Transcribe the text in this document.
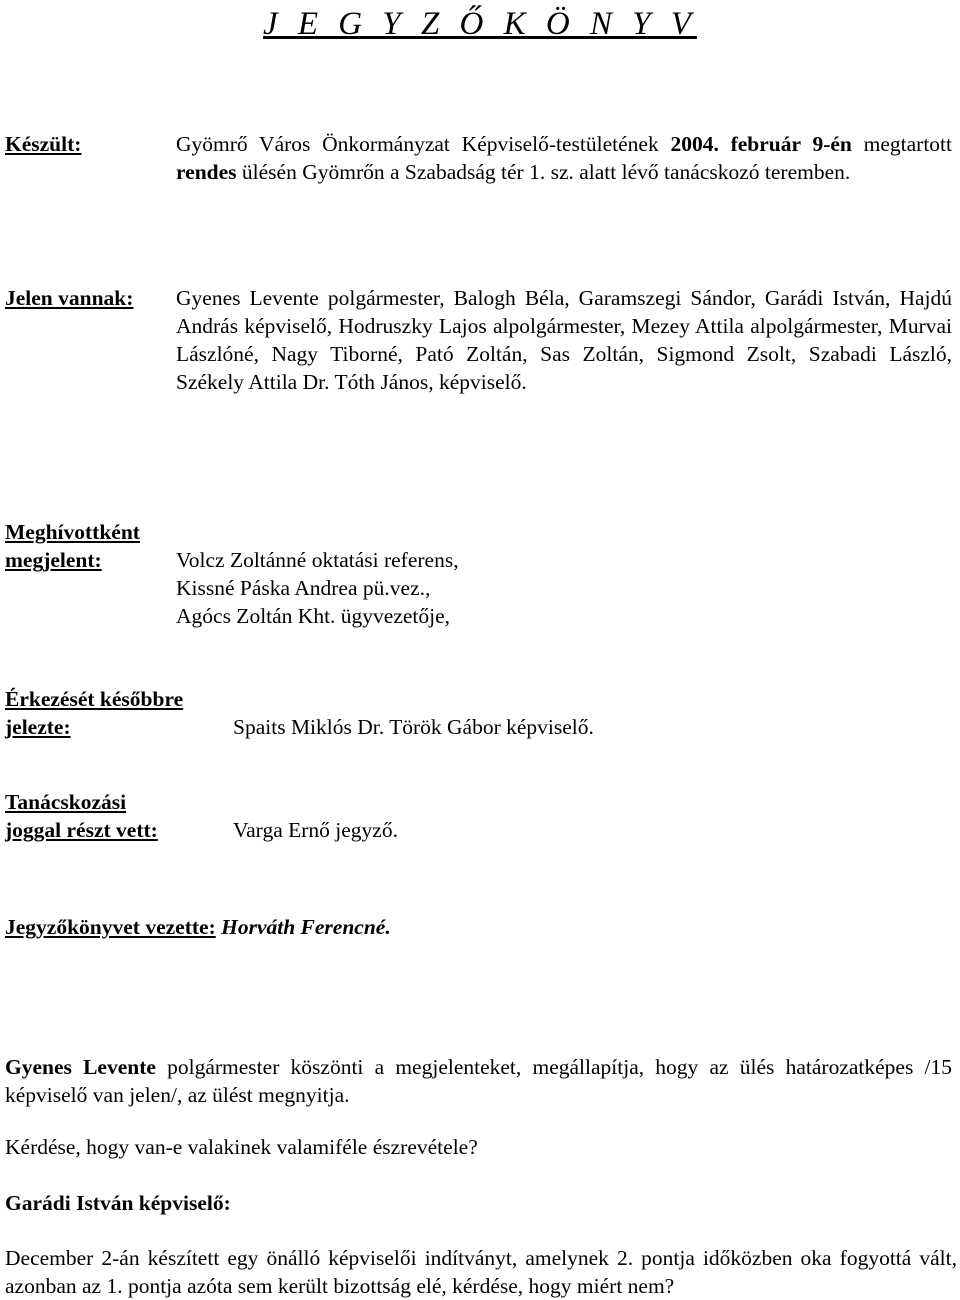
J E G Y Z Ő K Ö N Y V
Készült:	Gyömrő Város Önkormányzat Képviselő-testületének 2004. február 9-én megtartott rendes ülésén Gyömrőn a Szabadság tér 1. sz. alatt lévő tanácskozó teremben.
Jelen vannak: Gyenes Levente polgármester, Balogh Béla, Garamszegi Sándor, Garádi István, Hajdú András képviselő, Hodruszky Lajos alpolgármester, Mezey Attila alpolgármester, Murvai Lászlóné, Nagy Tiborné, Pató Zoltán, Sas Zoltán, Sigmond Zsolt, Szabadi László, Székely Attila Dr. Tóth János, képviselő.
Meghívottként
megjelent:	Volcz Zoltánné oktatási referens,
Kissné Páska Andrea pü.vez.,
Agócs Zoltán Kht. ügyvezetője,
Érkezését későbbre
jelezte:	Spaits Miklós Dr. Török Gábor képviselő.
Tanácskozási
joggal részt vett:	Varga Ernő jegyző.
Jegyzőkönyvet vezette: Horváth Ferencné.
Gyenes Levente polgármester köszönti a megjelenteket, megállapítja, hogy az ülés határozatképes /15 képviselő van jelen/, az ülést megnyitja.
Kérdése, hogy van-e valakinek valamiféle észrevétele?
Garádi István képviselő:
December 2-án készített egy önálló képviselői indítványt, amelynek 2. pontja időközben oka fogyottá vált, azonban az 1. pontja azóta sem került bizottság elé, kérdése, hogy miért nem?
